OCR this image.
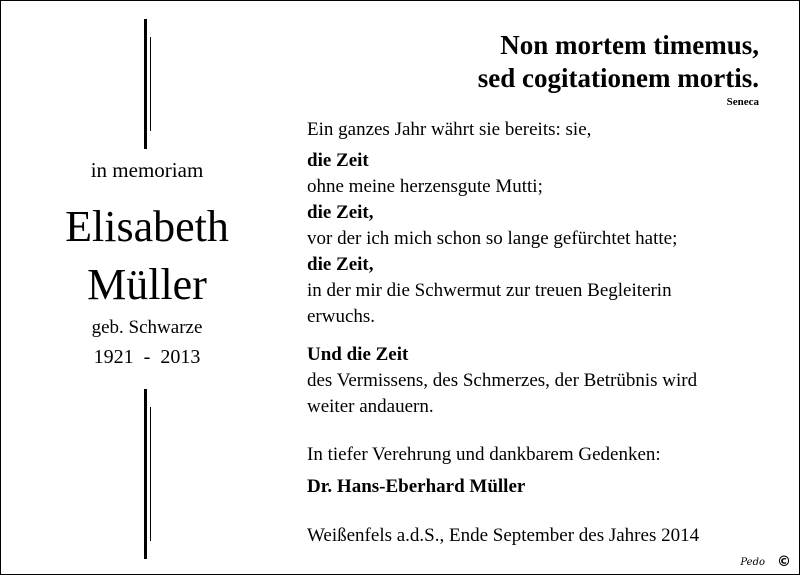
in memoriam
Elisabeth
Müller
geb. Schwarze
1921  -  2013
Non mortem timemus,
sed cogitationem mortis.
Seneca
Ein ganzes Jahr währt sie bereits: sie,
die Zeit
ohne meine herzensgute Mutti;
die Zeit,
vor der ich mich schon so lange gefürchtet hatte;
die Zeit,
in der mir die Schwermut zur treuen Begleiterin
erwuchs.
Und die Zeit
des Vermissens, des Schmerzes, der Betrübnis wird
weiter andauern.
In tiefer Verehrung und dankbarem Gedenken:
Dr. Hans-Eberhard Müller
Weißenfels a.d.S., Ende September des Jahres 2014
Pedo ©
